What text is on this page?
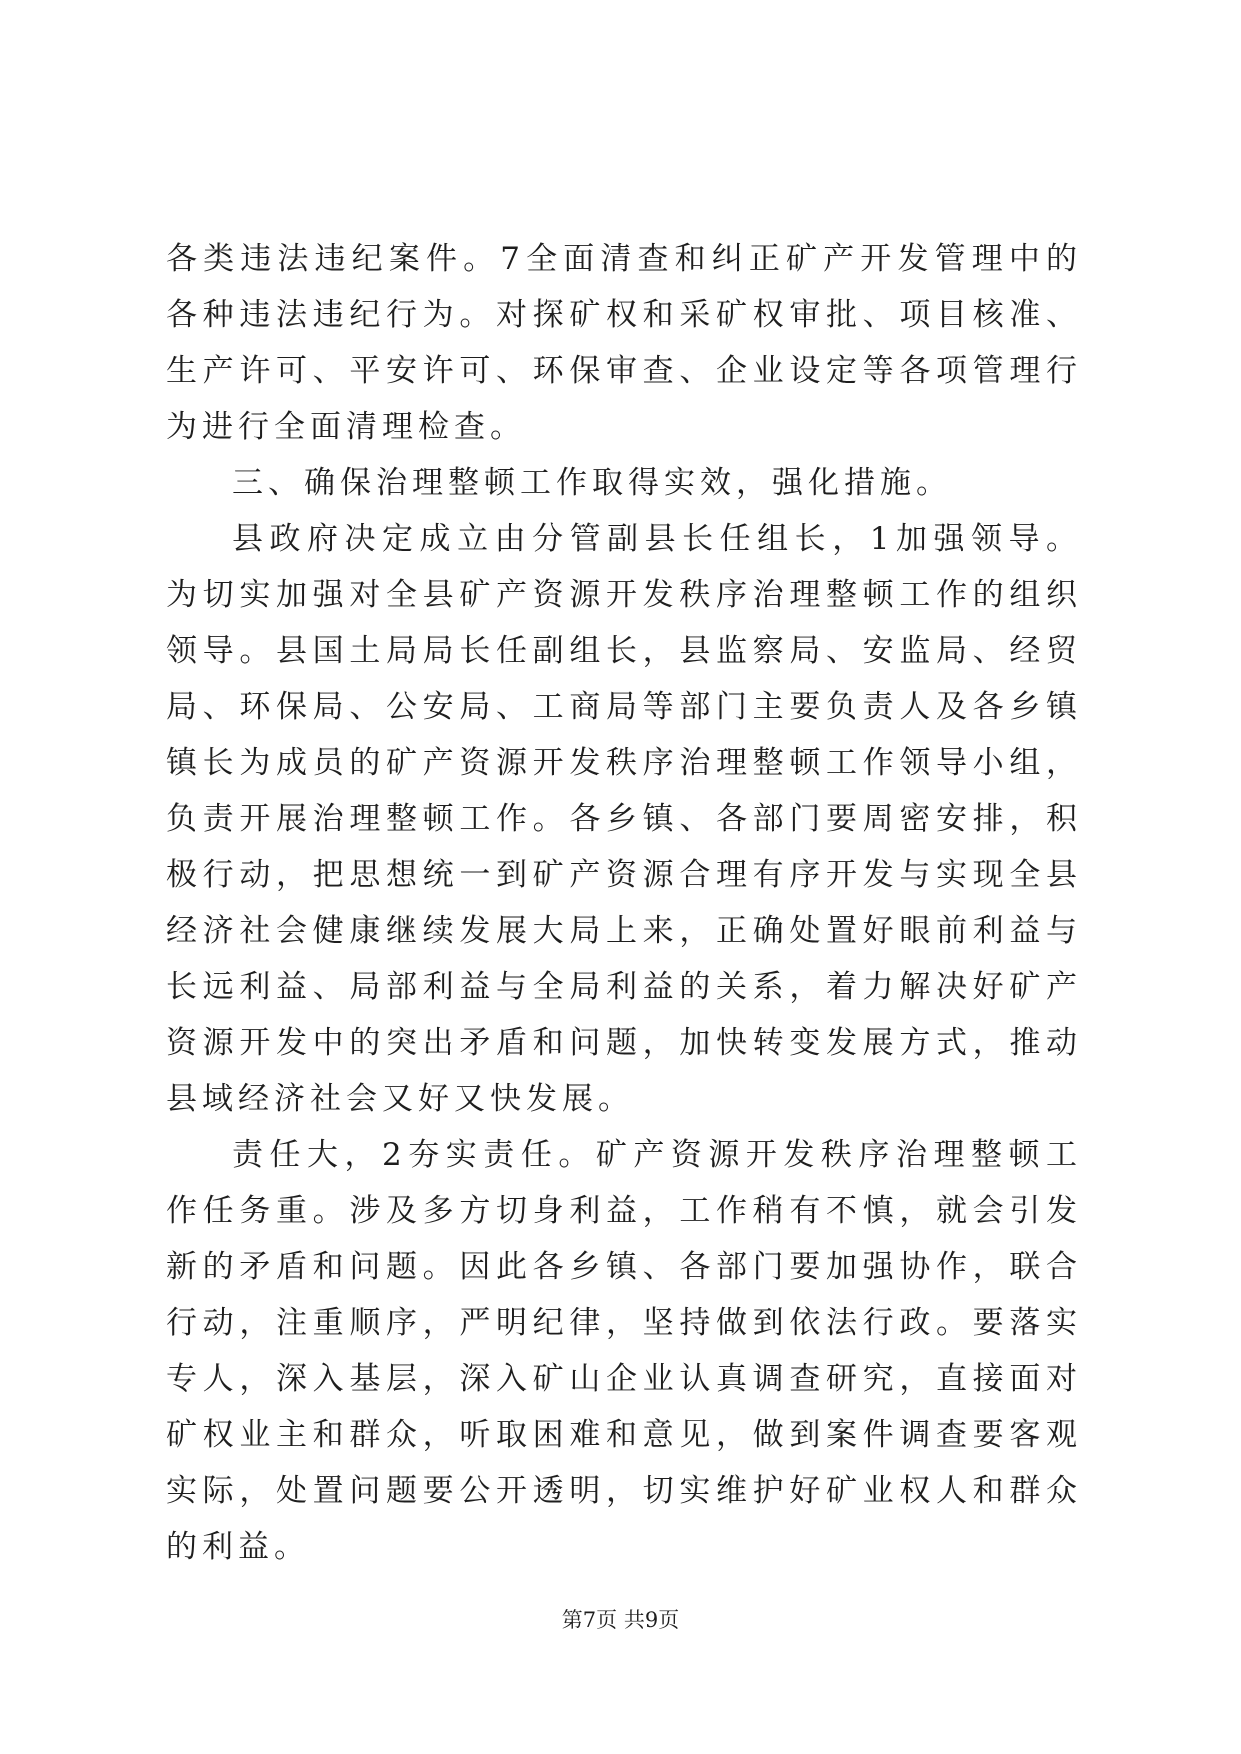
各类违法违纪案件。7全面清查和纠正矿产开发管理中的各种违法违纪行为。对探矿权和采矿权审批、项目核准、生产许可、平安许可、环保审查、企业设定等各项管理行为进行全面清理检查。

三、确保治理整顿工作取得实效，强化措施。

县政府决定成立由分管副县长任组长，1加强领导。为切实加强对全县矿产资源开发秩序治理整顿工作的组织领导。县国土局局长任副组长，县监察局、安监局、经贸局、环保局、公安局、工商局等部门主要负责人及各乡镇镇长为成员的矿产资源开发秩序治理整顿工作领导小组，负责开展治理整顿工作。各乡镇、各部门要周密安排，积极行动，把思想统一到矿产资源合理有序开发与实现全县经济社会健康继续发展大局上来，正确处置好眼前利益与长远利益、局部利益与全局利益的关系，着力解决好矿产资源开发中的突出矛盾和问题，加快转变发展方式，推动县域经济社会又好又快发展。

责任大，2夯实责任。矿产资源开发秩序治理整顿工作任务重。涉及多方切身利益，工作稍有不慎，就会引发新的矛盾和问题。因此各乡镇、各部门要加强协作，联合行动，注重顺序，严明纪律，坚持做到依法行政。要落实专人，深入基层，深入矿山企业认真调查研究，直接面对矿权业主和群众，听取困难和意见，做到案件调查要客观实际，处置问题要公开透明，切实维护好矿业权人和群众的利益。

第7页 共9页
